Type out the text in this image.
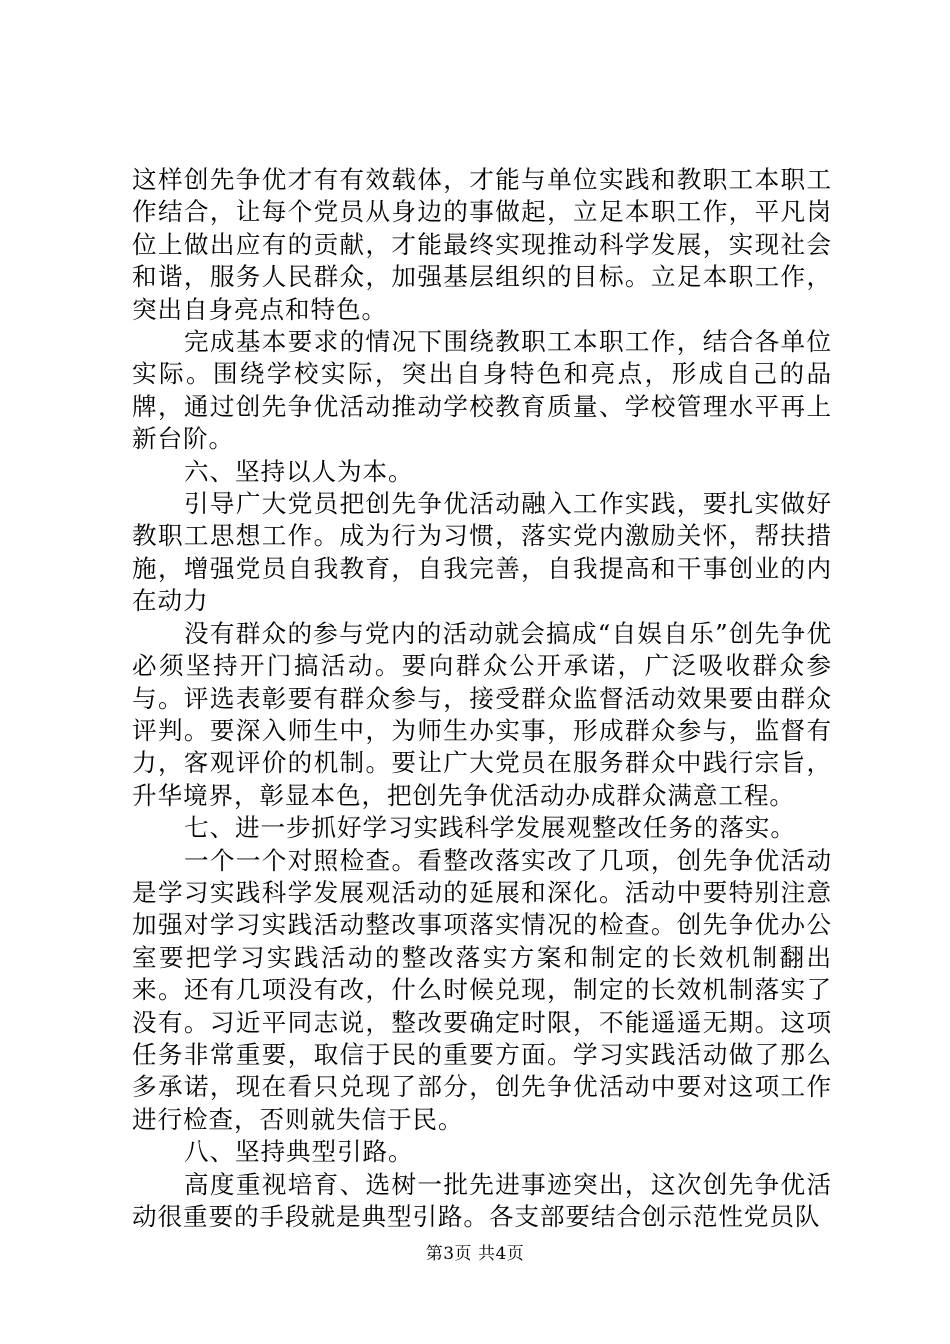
这样创先争优才有有效载体，才能与单位实践和教职工本职工作结合，让每个党员从身边的事做起，立足本职工作，平凡岗位上做出应有的贡献，才能最终实现推动科学发展，实现社会和谐，服务人民群众，加强基层组织的目标。立足本职工作，突出自身亮点和特色。

完成基本要求的情况下围绕教职工本职工作，结合各单位实际。围绕学校实际，突出自身特色和亮点，形成自己的品牌，通过创先争优活动推动学校教育质量、学校管理水平再上新台阶。

六、坚持以人为本。

引导广大党员把创先争优活动融入工作实践，要扎实做好教职工思想工作。成为行为习惯，落实党内激励关怀，帮扶措施，增强党员自我教育，自我完善，自我提高和干事创业的内在动力

没有群众的参与党内的活动就会搞成“自娱自乐”创先争优必须坚持开门搞活动。要向群众公开承诺，广泛吸收群众参与。评选表彰要有群众参与，接受群众监督活动效果要由群众评判。要深入师生中，为师生办实事，形成群众参与，监督有力，客观评价的机制。要让广大党员在服务群众中践行宗旨，升华境界，彰显本色，把创先争优活动办成群众满意工程。

七、进一步抓好学习实践科学发展观整改任务的落实。

一个一个对照检查。看整改落实改了几项，创先争优活动是学习实践科学发展观活动的延展和深化。活动中要特别注意加强对学习实践活动整改事项落实情况的检查。创先争优办公室要把学习实践活动的整改落实方案和制定的长效机制翻出来。还有几项没有改，什么时候兑现，制定的长效机制落实了没有。习近平同志说，整改要确定时限，不能遥遥无期。这项任务非常重要，取信于民的重要方面。学习实践活动做了那么多承诺，现在看只兑现了部分，创先争优活动中要对这项工作进行检查，否则就失信于民。

八、坚持典型引路。

高度重视培育、选树一批先进事迹突出，这次创先争优活动很重要的手段就是典型引路。各支部要结合创示范性党员队

第3页 共4页
